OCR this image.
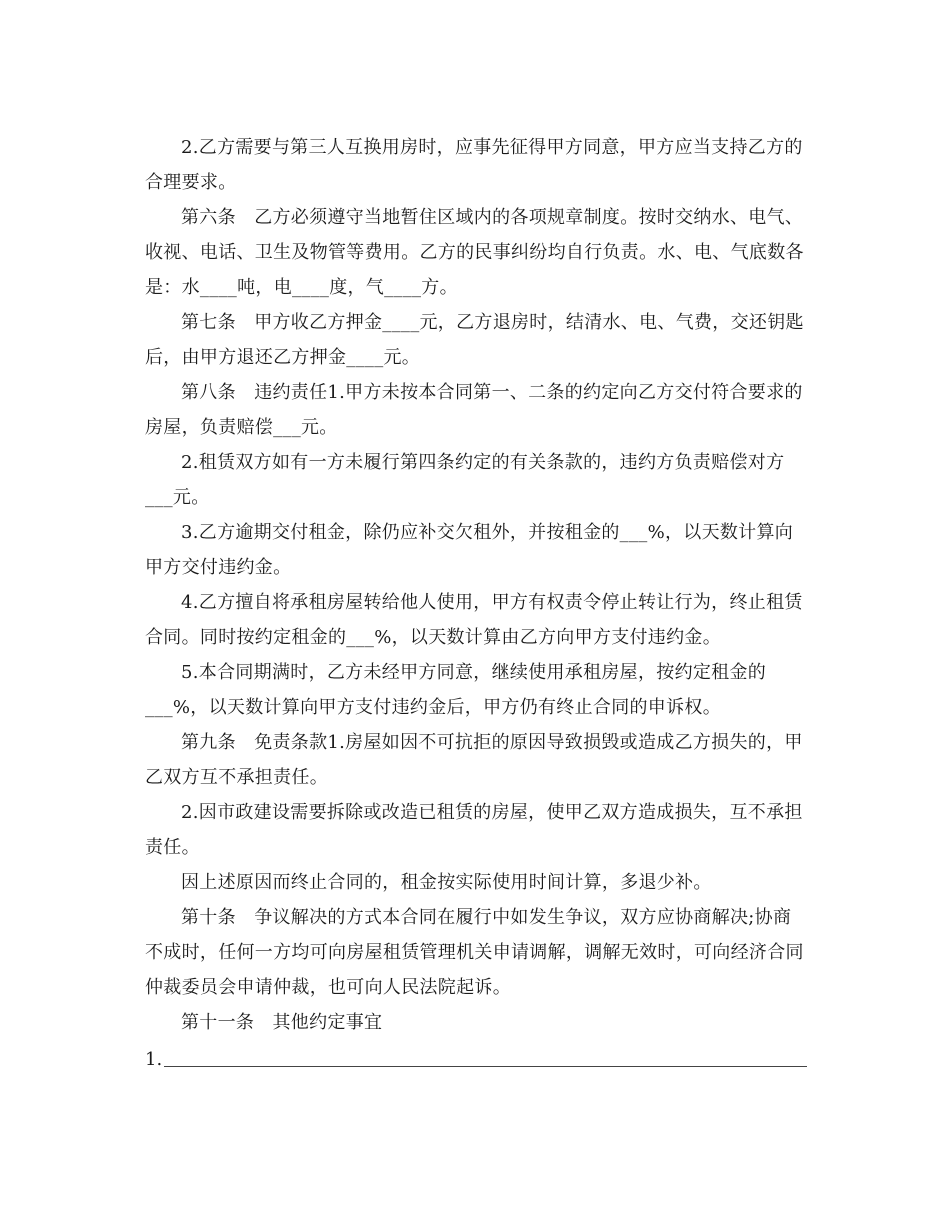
2.乙方需要与第三人互换用房时，应事先征得甲方同意，甲方应当支持乙方的合理要求。

第六条　乙方必须遵守当地暂住区域内的各项规章制度。按时交纳水、电气、收视、电话、卫生及物管等费用。乙方的民事纠纷均自行负责。水、电、气底数各是：水____吨，电____度，气____方。

第七条　甲方收乙方押金____元，乙方退房时，结清水、电、气费，交还钥匙后，由甲方退还乙方押金____元。

第八条　违约责任1.甲方未按本合同第一、二条的约定向乙方交付符合要求的房屋，负责赔偿___元。

2.租赁双方如有一方未履行第四条约定的有关条款的，违约方负责赔偿对方___元。

3.乙方逾期交付租金，除仍应补交欠租外，并按租金的___%，以天数计算向甲方交付违约金。

4.乙方擅自将承租房屋转给他人使用，甲方有权责令停止转让行为，终止租赁合同。同时按约定租金的___%，以天数计算由乙方向甲方支付违约金。

5.本合同期满时，乙方未经甲方同意，继续使用承租房屋，按约定租金的___%，以天数计算向甲方支付违约金后，甲方仍有终止合同的申诉权。

第九条　免责条款1.房屋如因不可抗拒的原因导致损毁或造成乙方损失的，甲乙双方互不承担责任。

2.因市政建设需要拆除或改造已租赁的房屋，使甲乙双方造成损失，互不承担责任。

因上述原因而终止合同的，租金按实际使用时间计算，多退少补。

第十条　争议解决的方式本合同在履行中如发生争议，双方应协商解决;协商不成时，任何一方均可向房屋租赁管理机关申请调解，调解无效时，可向经济合同仲裁委员会申请仲裁，也可向人民法院起诉。

第十一条　其他约定事宜

1.
